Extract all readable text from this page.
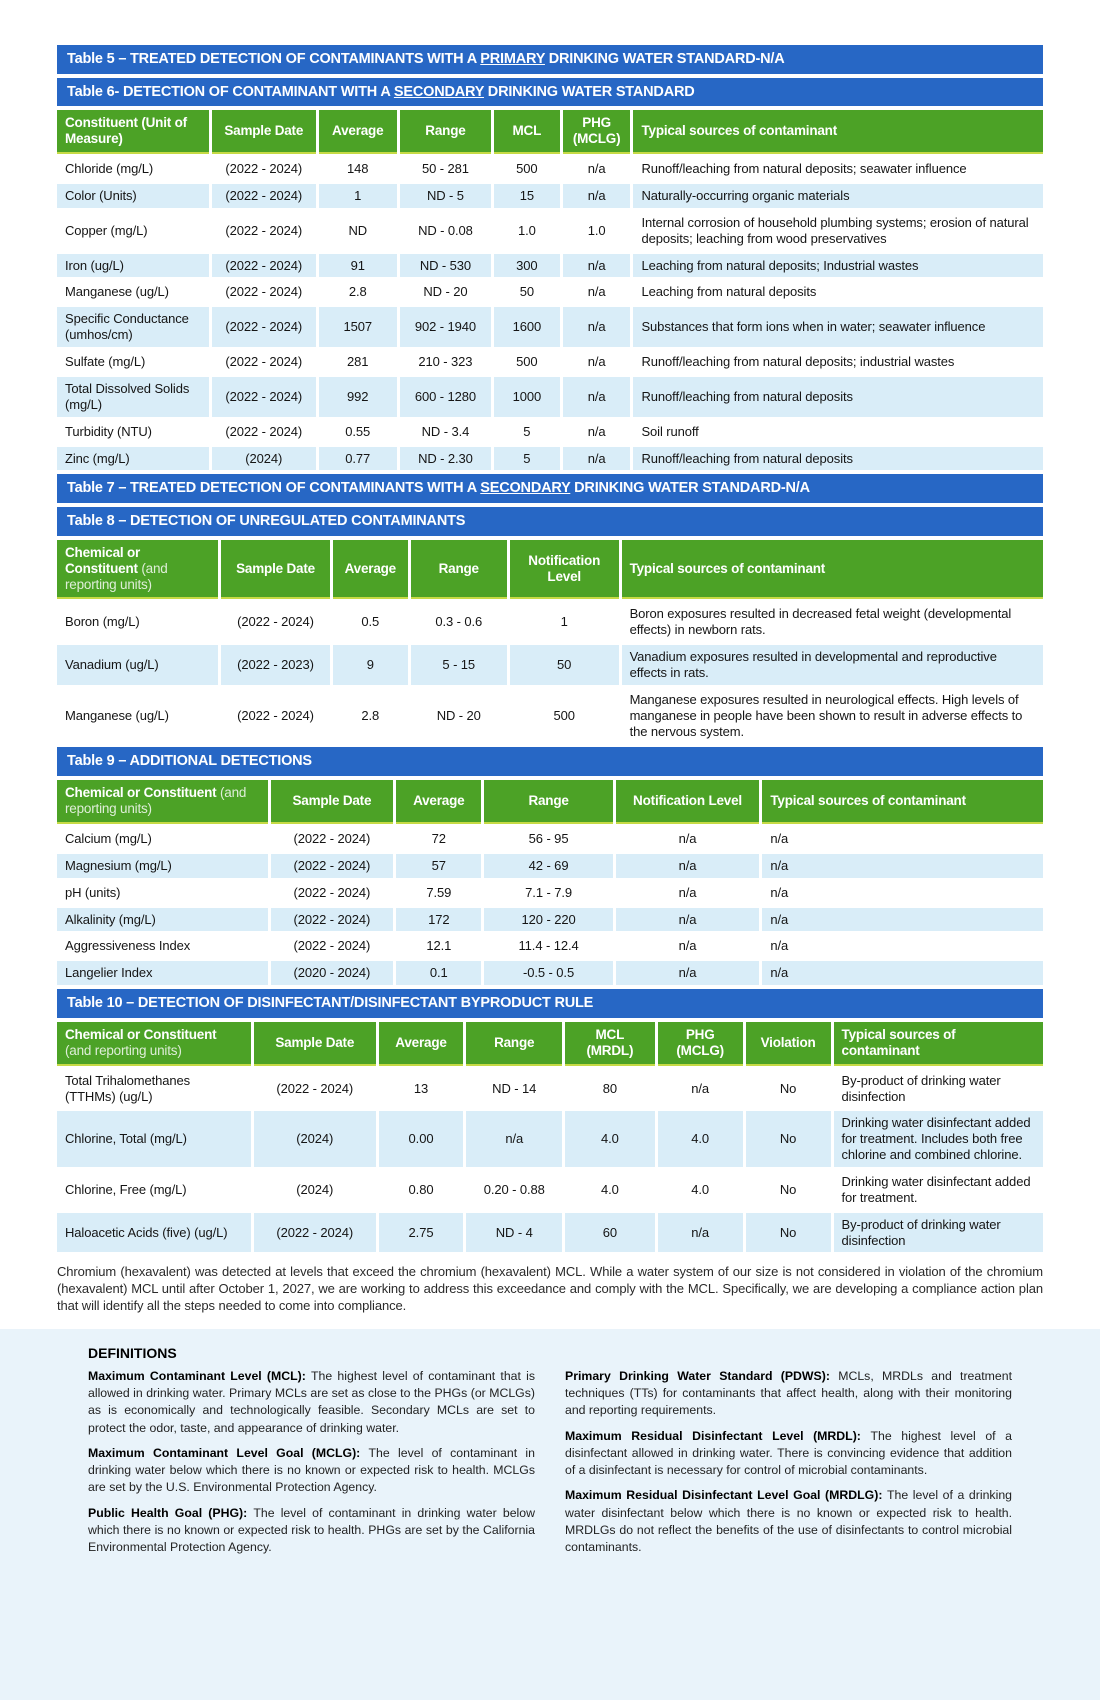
Table 5 – TREATED DETECTION OF CONTAMINANTS WITH A PRIMARY DRINKING WATER STANDARD-N/A
Table 6- DETECTION OF CONTAMINANT WITH A SECONDARY DRINKING WATER STANDARD
Constituent (Unit of Measure)	Sample Date	Average	Range	MCL	PHG (MCLG)	Typical sources of contaminant
Chloride (mg/L)	(2022 - 2024)	148	50 - 281	500	n/a	Runoff/leaching from natural deposits; seawater influence
Color (Units)	(2022 - 2024)	1	ND - 5	15	n/a	Naturally-occurring organic materials
Copper (mg/L)	(2022 - 2024)	ND	ND - 0.08	1.0	1.0	Internal corrosion of household plumbing systems; erosion of natural deposits; leaching from wood preservatives
Iron (ug/L)	(2022 - 2024)	91	ND - 530	300	n/a	Leaching from natural deposits; Industrial wastes
Manganese (ug/L)	(2022 - 2024)	2.8	ND - 20	50	n/a	Leaching from natural deposits
Specific Conductance (umhos/cm)	(2022 - 2024)	1507	902 - 1940	1600	n/a	Substances that form ions when in water; seawater influence
Sulfate (mg/L)	(2022 - 2024)	281	210 - 323	500	n/a	Runoff/leaching from natural deposits; industrial wastes
Total Dissolved Solids (mg/L)	(2022 - 2024)	992	600 - 1280	1000	n/a	Runoff/leaching from natural deposits
Turbidity (NTU)	(2022 - 2024)	0.55	ND - 3.4	5	n/a	Soil runoff
Zinc (mg/L)	(2024)	0.77	ND - 2.30	5	n/a	Runoff/leaching from natural deposits
Table 7 – TREATED DETECTION OF CONTAMINANTS WITH A SECONDARY DRINKING WATER STANDARD-N/A
Table 8 – DETECTION OF UNREGULATED CONTAMINANTS
Chemical or Constituent (and reporting units)	Sample Date	Average	Range	Notification Level	Typical sources of contaminant
Boron (mg/L)	(2022 - 2024)	0.5	0.3 - 0.6	1	Boron exposures resulted in decreased fetal weight (developmental effects) in newborn rats.
Vanadium (ug/L)	(2022 - 2023)	9	5 - 15	50	Vanadium exposures resulted in developmental and reproductive effects in rats.
Manganese (ug/L)	(2022 - 2024)	2.8	ND - 20	500	Manganese exposures resulted in neurological effects. High levels of manganese in people have been shown to result in adverse effects to the nervous system.
Table 9 – ADDITIONAL DETECTIONS
Chemical or Constituent (and reporting units)	Sample Date	Average	Range	Notification Level	Typical sources of contaminant
Calcium (mg/L)	(2022 - 2024)	72	56 - 95	n/a	n/a
Magnesium (mg/L)	(2022 - 2024)	57	42 - 69	n/a	n/a
pH (units)	(2022 - 2024)	7.59	7.1 - 7.9	n/a	n/a
Alkalinity (mg/L)	(2022 - 2024)	172	120 - 220	n/a	n/a
Aggressiveness Index	(2022 - 2024)	12.1	11.4 - 12.4	n/a	n/a
Langelier Index	(2020 - 2024)	0.1	-0.5 - 0.5	n/a	n/a
Table 10 – DETECTION OF DISINFECTANT/DISINFECTANT BYPRODUCT RULE
Chemical or Constituent (and reporting units)	Sample Date	Average	Range	MCL (MRDL)	PHG (MCLG)	Violation	Typical sources of contaminant
Total Trihalomethanes (TTHMs) (ug/L)	(2022 - 2024)	13	ND - 14	80	n/a	No	By-product of drinking water disinfection
Chlorine, Total (mg/L)	(2024)	0.00	n/a	4.0	4.0	No	Drinking water disinfectant added for treatment. Includes both free chlorine and combined chlorine.
Chlorine, Free (mg/L)	(2024)	0.80	0.20 - 0.88	4.0	4.0	No	Drinking water disinfectant added for treatment.
Haloacetic Acids (five) (ug/L)	(2022 - 2024)	2.75	ND - 4	60	n/a	No	By-product of drinking water disinfection

Chromium (hexavalent) was detected at levels that exceed the chromium (hexavalent) MCL. While a water system of our size is not considered in violation of the chromium (hexavalent) MCL until after October 1, 2027, we are working to address this exceedance and comply with the MCL. Specifically, we are developing a compliance action plan that will identify all the steps needed to come into compliance.

DEFINITIONS

Maximum Contaminant Level (MCL): The highest level of contaminant that is allowed in drinking water. Primary MCLs are set as close to the PHGs (or MCLGs) as is economically and technologically feasible. Secondary MCLs are set to protect the odor, taste, and appearance of drinking water.

Maximum Contaminant Level Goal (MCLG): The level of contaminant in drinking water below which there is no known or expected risk to health. MCLGs are set by the U.S. Environmental Protection Agency.

Public Health Goal (PHG): The level of contaminant in drinking water below which there is no known or expected risk to health. PHGs are set by the California Environmental Protection Agency.

Primary Drinking Water Standard (PDWS): MCLs, MRDLs and treatment techniques (TTs) for contaminants that affect health, along with their monitoring and reporting requirements.

Maximum Residual Disinfectant Level (MRDL): The highest level of a disinfectant allowed in drinking water. There is convincing evidence that addition of a disinfectant is necessary for control of microbial contaminants.

Maximum Residual Disinfectant Level Goal (MRDLG): The level of a drinking water disinfectant below which there is no known or expected risk to health. MRDLGs do not reflect the benefits of the use of disinfectants to control microbial contaminants.
